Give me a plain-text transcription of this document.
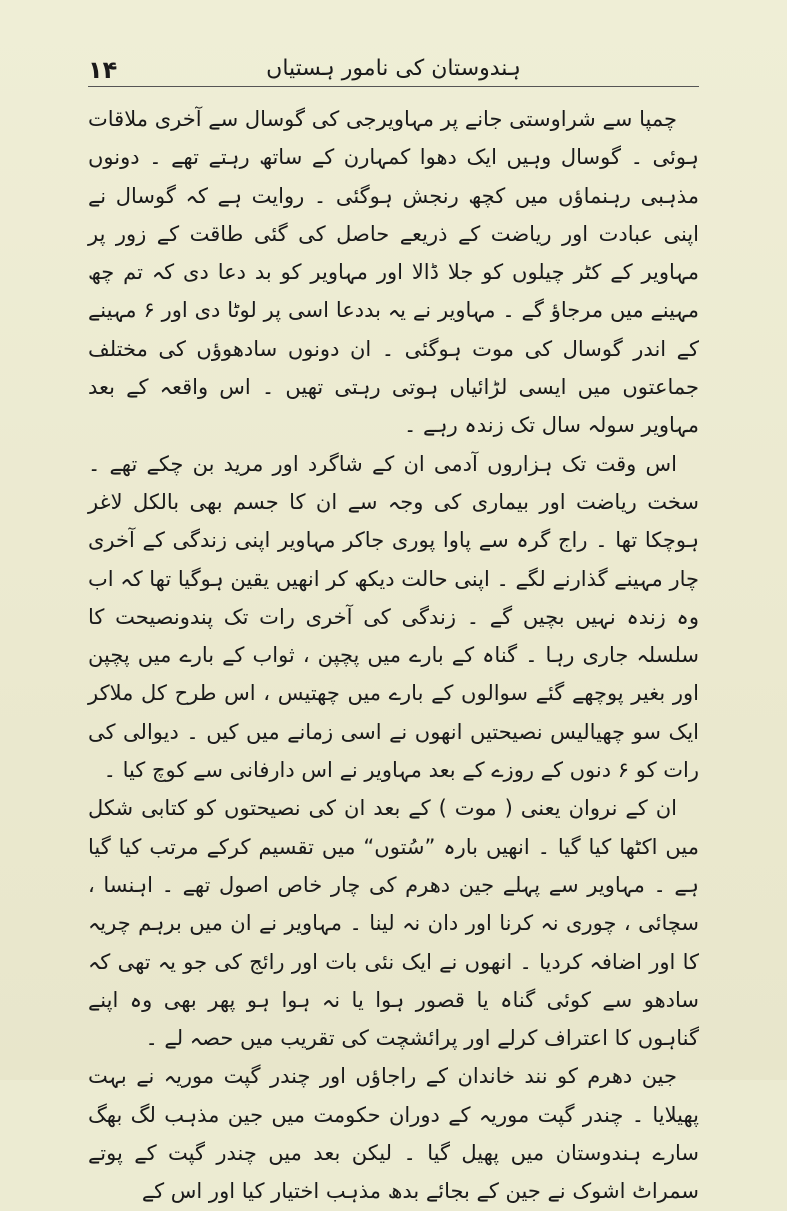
۱۴	ہندوستان کی نامور ہستیاں

چمپا سے شراوستی جانے پر مہاویرجی کی گوسال سے آخری ملاقات ہوئی ۔ گوسال وہیں ایک دھوا کمہارن کے ساتھ رہتے تھے ۔ دونوں مذہبی رہنماؤں میں کچھ رنجش ہوگئی ۔ روایت ہے کہ گوسال نے اپنی عبادت اور ریاضت کے ذریعے حاصل کی گئی طاقت کے زور پر مہاویر کے کٹر چیلوں کو جلا ڈالا اور مہاویر کو بد دعا دی کہ تم چھ مہینے میں مرجاؤ گے ۔ مہاویر نے یہ بددعا اسی پر لوٹا دی اور ۶ مہینے کے اندر گوسال کی موت ہوگئی ۔ ان دونوں سادھوؤں کی مختلف جماعتوں میں ایسی لڑائیاں ہوتی رہتی تھیں ۔ اس واقعہ کے بعد مہاویر سولہ سال تک زندہ رہے ۔

اس وقت تک ہزاروں آدمی ان کے شاگرد اور مرید بن چکے تھے ۔ سخت ریاضت اور بیماری کی وجہ سے ان کا جسم بھی بالکل لاغر ہوچکا تھا ۔ راج گرہ سے پاوا پوری جاکر مہاویر اپنی زندگی کے آخری چار مہینے گذارنے لگے ۔ اپنی حالت دیکھ کر انھیں یقین ہوگیا تھا کہ اب وہ زندہ نہیں بچیں گے ۔ زندگی کی آخری رات تک پندونصیحت کا سلسلہ جاری رہا ۔ گناہ کے بارے میں پچپن ، ثواب کے بارے میں پچپن اور بغیر پوچھے گئے سوالوں کے بارے میں چھتیس ، اس طرح کل ملاکر ایک سو چھیالیس نصیحتیں انھوں نے اسی زمانے میں کیں ۔ دیوالی کی رات کو ۶ دنوں کے روزے کے بعد مہاویر نے اس دارفانی سے کوچ کیا ۔

ان کے نروان یعنی ( موت ) کے بعد ان کی نصیحتوں کو کتابی شکل میں اکٹھا کیا گیا ۔ انھیں بارہ ”سُتوں“ میں تقسیم کرکے مرتب کیا گیا ہے ۔ مہاویر سے پہلے جین دھرم کی چار خاص اصول تھے ۔ اہنسا ، سچائی ، چوری نہ کرنا اور دان نہ لینا ۔ مہاویر نے ان میں برہم چریہ کا اور اضافہ کردیا ۔ انھوں نے ایک نئی بات اور رائج کی جو یہ تھی کہ سادھو سے کوئی گناہ یا قصور ہوا یا نہ ہوا ہو پھر بھی وہ اپنے گناہوں کا اعتراف کرلے اور پرائشچت کی تقریب میں حصہ لے ۔

جین دھرم کو نند خاندان کے راجاؤں اور چندر گپت موریہ نے بہت پھیلایا ۔ چندر گپت موریہ کے دوران حکومت میں جین مذہب لگ بھگ سارے ہندوستان میں پھیل گیا ۔ لیکن بعد میں چندر گپت کے پوتے سمراٹ اشوک نے جین کے بجائے بدھ مذہب اختیار کیا اور اس کے
